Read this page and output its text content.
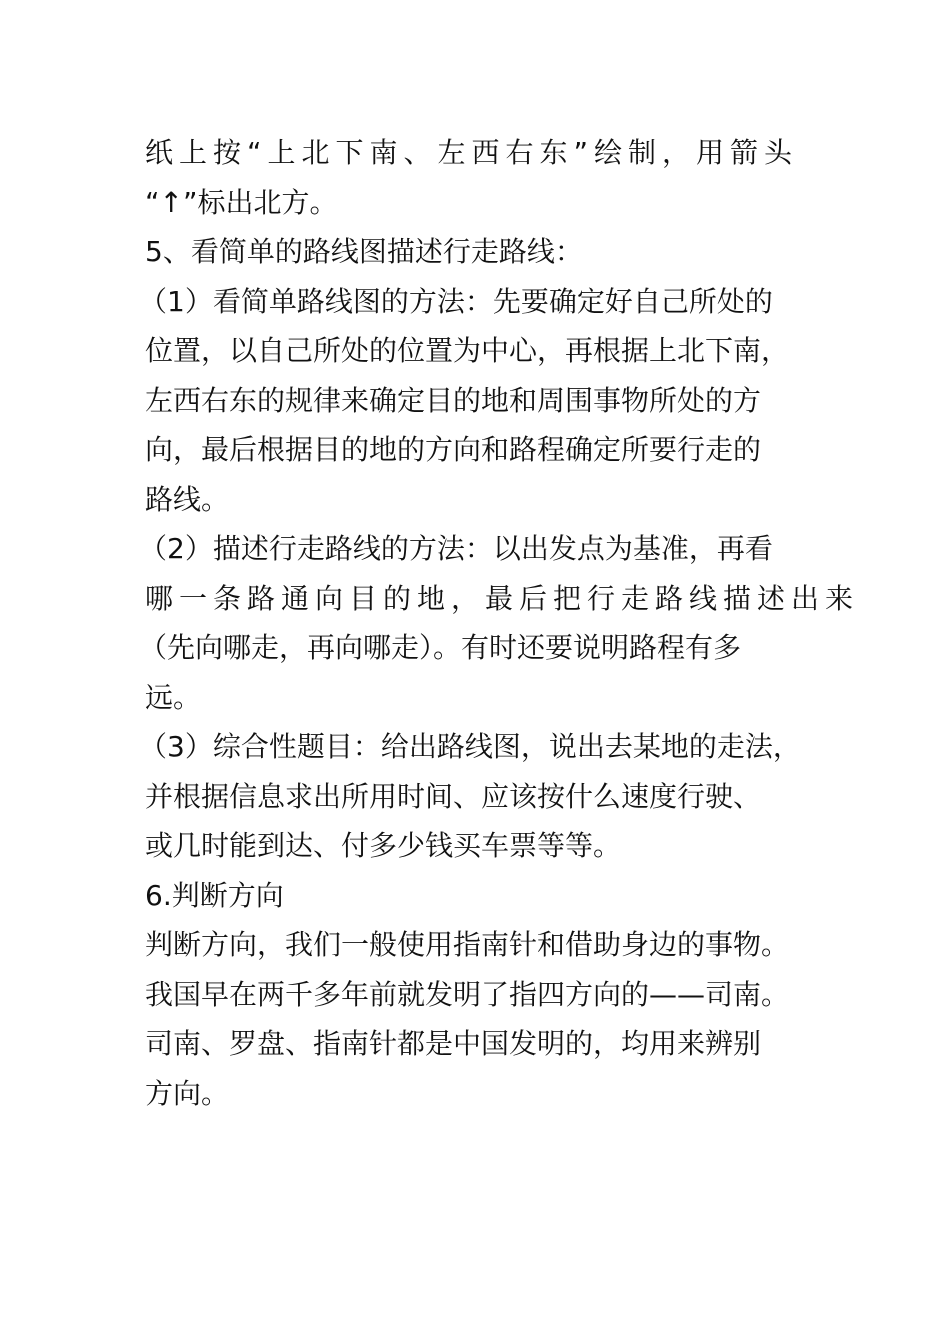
纸上按“上北下南、左西右东”绘制，用箭头

“↑”标出北方。

5、看简单的路线图描述行走路线：

（1）看简单路线图的方法：先要确定好自己所处的

位置，以自己所处的位置为中心，再根据上北下南，

左西右东的规律来确定目的地和周围事物所处的方

向，最后根据目的地的方向和路程确定所要行走的

路线。

（2）描述行走路线的方法：以出发点为基准，再看

哪一条路通向目的地，最后把行走路线描述出来

（先向哪走，再向哪走）。有时还要说明路程有多

远。

（3）综合性题目：给出路线图，说出去某地的走法，

并根据信息求出所用时间、应该按什么速度行驶、

或几时能到达、付多少钱买车票等等。

6.判断方向

判断方向，我们一般使用指南针和借助身边的事物。

我国早在两千多年前就发明了指四方向的——司南。

司南、罗盘、指南针都是中国发明的，均用来辨别

方向。
